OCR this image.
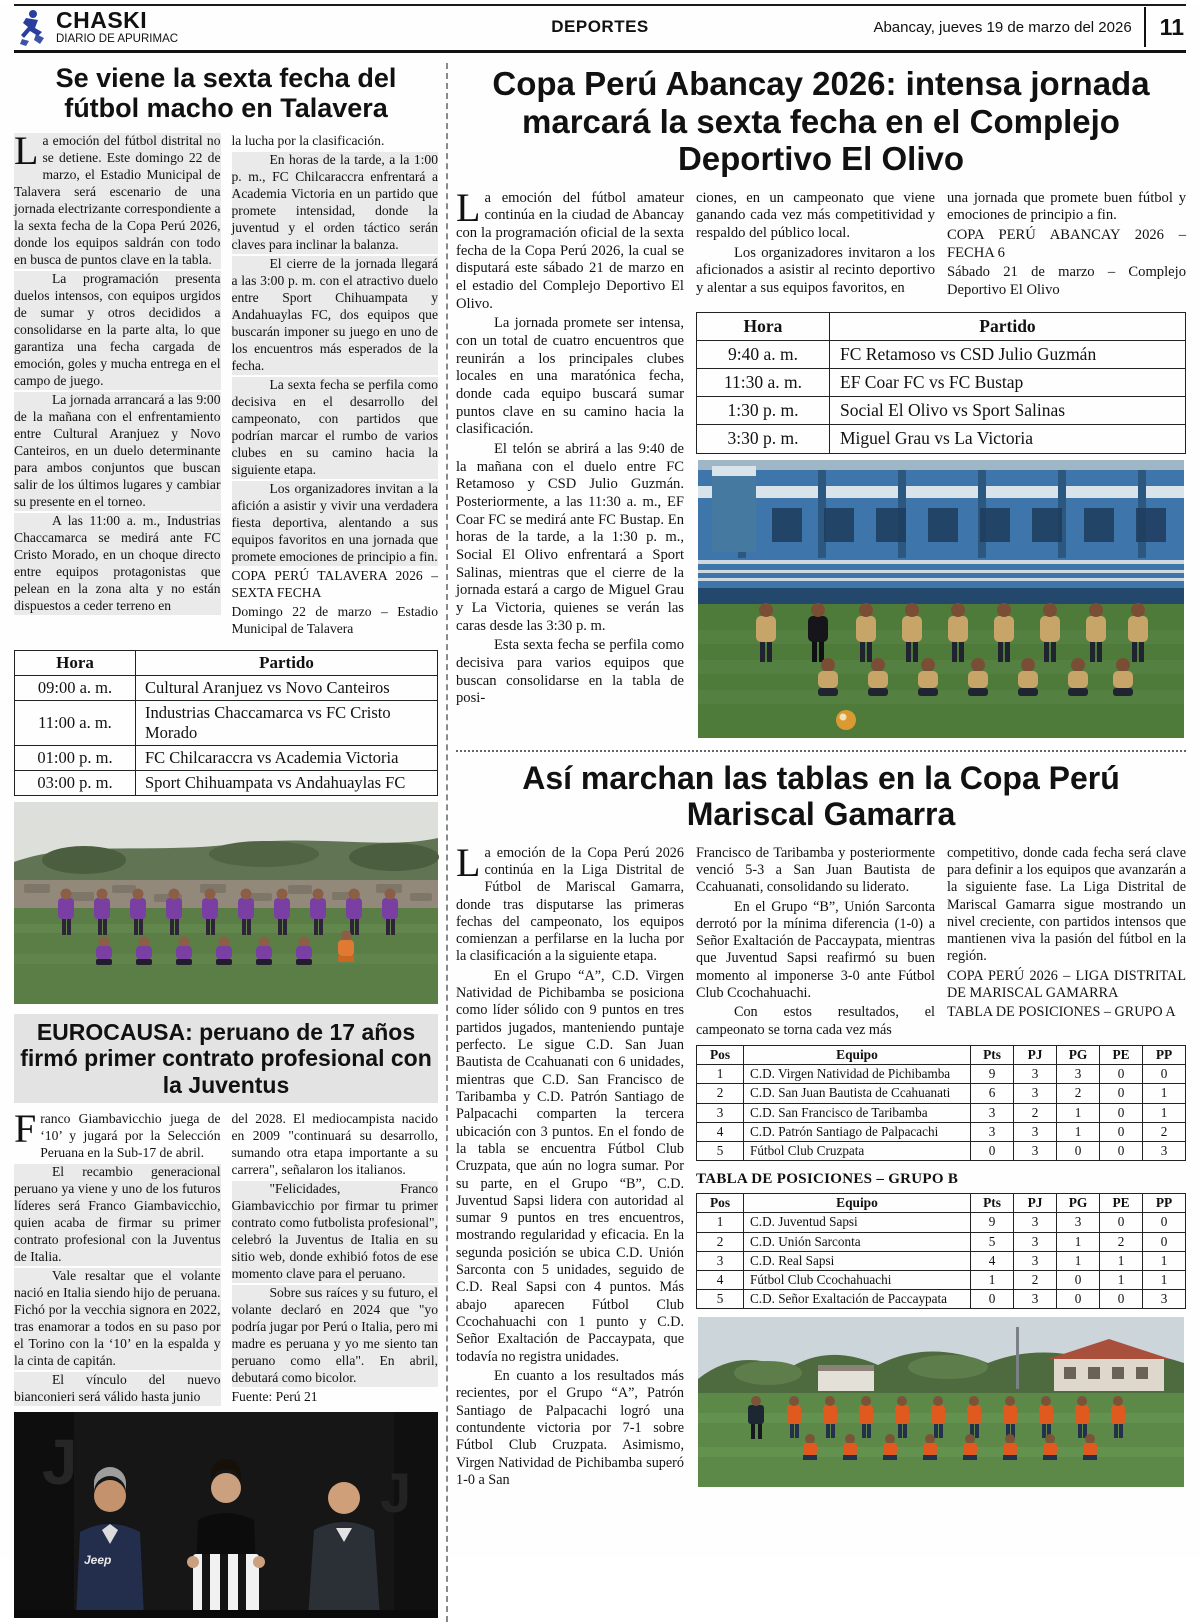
CHASKI
DIARIO DE APURIMAC
DEPORTES	Abancay, jueves 19 de marzo del 2026	11
Se viene la sexta fecha del fútbol macho en Talavera

La emoción del fútbol distrital no se detiene. Este domingo 22 de marzo, el Estadio Municipal de Talavera será escenario de una jornada electrizante correspondiente a la sexta fecha de la Copa Perú 2026, donde los equipos saldrán con todo en busca de puntos clave en la tabla.

La programación presenta duelos intensos, con equipos urgidos de sumar y otros decididos a consolidarse en la parte alta, lo que garantiza una fecha cargada de emoción, goles y mucha entrega en el campo de juego.

La jornada arrancará a las 9:00 de la mañana con el enfrentamiento entre Cultural Aranjuez y Novo Canteiros, en un duelo determinante para ambos conjuntos que buscan salir de los últimos lugares y cambiar su presente en el torneo.

A las 11:00 a. m., Industrias Chaccamarca se medirá ante FC Cristo Morado, en un choque directo entre equipos protagonistas que pelean en la zona alta y no están dispuestos a ceder terreno en

la lucha por la clasificación.

En horas de la tarde, a la 1:00 p. m., FC Chilcaraccra enfrentará a Academia Victoria en un partido que promete intensidad, donde la juventud y el orden táctico serán claves para inclinar la balanza.

El cierre de la jornada llegará a las 3:00 p. m. con el atractivo duelo entre Sport Chihuampata y Andahuaylas FC, dos equipos que buscarán imponer su juego en uno de los encuentros más esperados de la fecha.

La sexta fecha se perfila como decisiva en el desarrollo del campeonato, con partidos que podrían marcar el rumbo de varios clubes en su camino hacia la siguiente etapa.

Los organizadores invitan a la afición a asistir y vivir una verdadera fiesta deportiva, alentando a sus equipos favoritos en una jornada que promete emociones de principio a fin.

COPA PERÚ TALAVERA 2026 – SEXTA FECHA

Domingo 22 de marzo – Estadio Municipal de Talavera

Hora	Partido
09:00 a. m.	Cultural Aranjuez vs Novo Canteiros
11:00 a. m.	Industrias Chaccamarca vs FC Cristo Morado
01:00 p. m.	FC Chilcaraccra vs Academia Victoria
03:00 p. m.	Sport Chihuampata vs Andahuaylas FC
EUROCAUSA: peruano de 17 años firmó primer contrato profesional con la Juventus

Franco Giambavicchio juega de ‘10’ y jugará por la Selección Peruana en la Sub-17 de abril.

El recambio generacional peruano ya viene y uno de los futuros líderes será Franco Giambavicchio, quien acaba de firmar su primer contrato profesional con la Juventus de Italia.

Vale resaltar que el volante nació en Italia siendo hijo de peruana. Fichó por la vecchia signora en 2022, tras enamorar a todos en su paso por el Torino con la ‘10’ en la espalda y la cinta de capitán.

El vínculo del nuevo bianconieri será válido hasta junio

del 2028. El mediocampista nacido en 2009 "continuará su desarrollo, sumando otra etapa importante a su carrera", señalaron los italianos.

"Felicidades, Franco Giambavicchio por firmar tu primer contrato como futbolista profesional", celebró la Juventus de Italia en su sitio web, donde exhibió fotos de ese momento clave para el peruano.

Sobre sus raíces y su futuro, el volante declaró en 2024 que "yo podría jugar por Perú o Italia, pero mi madre es peruana y yo me siento tan peruano como ella". En abril, debutará como bicolor.

Fuente: Perú 21

J	J
Jeep
Copa Perú Abancay 2026: intensa jornada marcará la sexta fecha en el Complejo Deportivo El Olivo

La emoción del fútbol amateur continúa en la ciudad de Abancay con la programación oficial de la sexta fecha de la Copa Perú 2026, la cual se disputará este sábado 21 de marzo en el estadio del Complejo Deportivo El Olivo.

La jornada promete ser intensa, con un total de cuatro encuentros que reunirán a los principales clubes locales en una maratónica fecha, donde cada equipo buscará sumar puntos clave en su camino hacia la clasificación.

El telón se abrirá a las 9:40 de la mañana con el duelo entre FC Retamoso y CSD Julio Guzmán. Posteriormente, a las 11:30 a. m., EF Coar FC se medirá ante FC Bustap. En horas de la tarde, a la 1:30 p. m., Social El Olivo enfrentará a Sport Salinas, mientras que el cierre de la jornada estará a cargo de Miguel Grau y La Victoria, quienes se verán las caras desde las 3:30 p. m.

Esta sexta fecha se perfila como decisiva para varios equipos que buscan consolidarse en la tabla de posi-

ciones, en un campeonato que viene ganando cada vez más competitividad y respaldo del público local.

Los organizadores invitaron a los aficionados a asistir al recinto deportivo y alentar a sus equipos favoritos, en

una jornada que promete buen fútbol y emociones de principio a fin.

COPA PERÚ ABANCAY 2026 – FECHA 6

Sábado 21 de marzo – Complejo Deportivo El Olivo

Hora	Partido
9:40 a. m.	FC Retamoso vs CSD Julio Guzmán
11:30 a. m.	EF Coar FC vs FC Bustap
1:30 p. m.	Social El Olivo vs Sport Salinas
3:30 p. m.	Miguel Grau vs La Victoria
Así marchan las tablas en la Copa Perú Mariscal Gamarra

La emoción de la Copa Perú 2026 continúa en la Liga Distrital de Fútbol de Mariscal Gamarra, donde tras disputarse las primeras fechas del campeonato, los equipos comienzan a perfilarse en la lucha por la clasificación a la siguiente etapa.

En el Grupo “A”, C.D. Virgen Natividad de Pichibamba se posiciona como líder sólido con 9 puntos en tres partidos jugados, manteniendo puntaje perfecto. Le sigue C.D. San Juan Bautista de Ccahuanati con 6 unidades, mientras que C.D. San Francisco de Taribamba y C.D. Patrón Santiago de Palpacachi comparten la tercera ubicación con 3 puntos. En el fondo de la tabla se encuentra Fútbol Club Cruzpata, que aún no logra sumar. Por su parte, en el Grupo “B”, C.D. Juventud Sapsi lidera con autoridad al sumar 9 puntos en tres encuentros, mostrando regularidad y eficacia. En la segunda posición se ubica C.D. Unión Sarconta con 5 unidades, seguido de C.D. Real Sapsi con 4 puntos. Más abajo aparecen Fútbol Club Ccochahuachi con 1 punto y C.D. Señor Exaltación de Paccaypata, que todavía no registra unidades.

En cuanto a los resultados más recientes, por el Grupo “A”, Patrón Santiago de Palpacachi logró una contundente victoria por 7-1 sobre Fútbol Club Cruzpata. Asimismo, Virgen Natividad de Pichibamba superó 1-0 a San

Francisco de Taribamba y posteriormente venció 5-3 a San Juan Bautista de Ccahuanati, consolidando su liderato.

En el Grupo “B”, Unión Sarconta derrotó por la mínima diferencia (1-0) a Señor Exaltación de Paccaypata, mientras que Juventud Sapsi reafirmó su buen momento al imponerse 3-0 ante Fútbol Club Ccochahuachi.

Con estos resultados, el campeonato se torna cada vez más

competitivo, donde cada fecha será clave para definir a los equipos que avanzarán a la siguiente fase. La Liga Distrital de Mariscal Gamarra sigue mostrando un nivel creciente, con partidos intensos que mantienen viva la pasión del fútbol en la región.

COPA PERÚ 2026 – LIGA DISTRITAL DE MARISCAL GAMARRA

TABLA DE POSICIONES – GRUPO A

Pos	Equipo	Pts	PJ	PG	PE	PP
1	C.D. Virgen Natividad de Pichibamba	9	3	3	0	0
2	C.D. San Juan Bautista de Ccahuanati	6	3	2	0	1
3	C.D. San Francisco de Taribamba	3	2	1	0	1
4	C.D. Patrón Santiago de Palpacachi	3	3	1	0	2
5	Fútbol Club Cruzpata	0	3	0	0	3
TABLA DE POSICIONES – GRUPO B
Pos	Equipo	Pts	PJ	PG	PE	PP
1	C.D. Juventud Sapsi	9	3	3	0	0
2	C.D. Unión Sarconta	5	3	1	2	0
3	C.D. Real Sapsi	4	3	1	1	1
4	Fútbol Club Ccochahuachi	1	2	0	1	1
5	C.D. Señor Exaltación de Paccaypata	0	3	0	0	3
